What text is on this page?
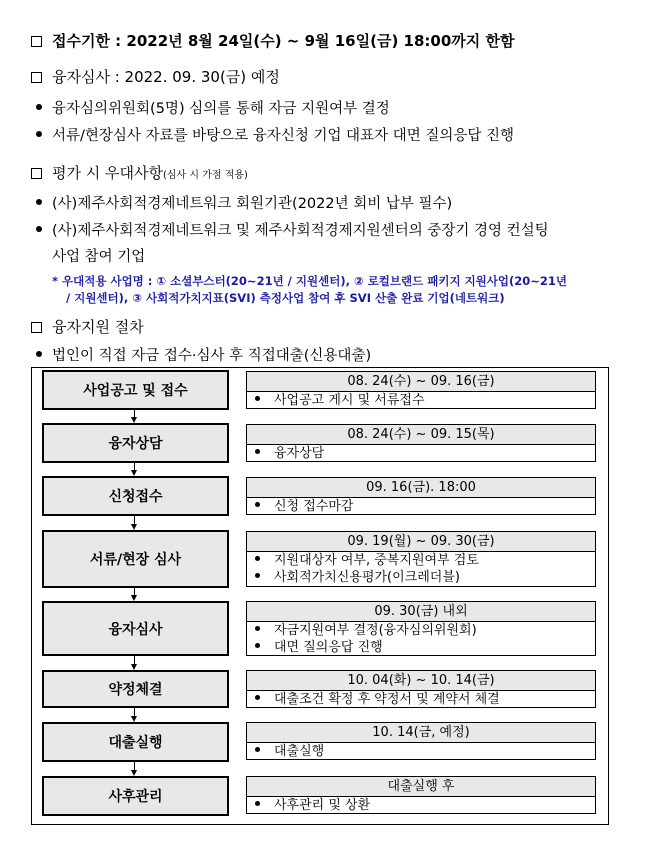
접수기한 : 2022년 8월 24일(수) ~ 9월 16일(금) 18:00까지 한함
융자심사 : 2022. 09. 30(금) 예정
융자심의위원회(5명) 심의를 통해 자금 지원여부 결정
서류/현장심사 자료를 바탕으로 융자신청 기업 대표자 대면 질의응답 진행
평가 시 우대사항(심사 시 가점 적용)
(사)제주사회적경제네트워크 회원기관(2022년 회비 납부 필수)
(사)제주사회적경제네트워크 및 제주사회적경제지원센터의 중장기 경영 컨설팅
사업 참여 기업
* 우대적용 사업명 : ① 소셜부스터(20~21년 / 지원센터), ② 로컬브랜드 패키지 지원사업(20~21년
/ 지원센터), ③ 사회적가치지표(SVI) 측정사업 참여 후 SVI 산출 완료 기업(네트워크)
융자지원 절차
법인이 직접 자금 접수·심사 후 직접대출(신용대출)
사업공고 및 접수
08. 24(수) ~ 09. 16(금)
사업공고 게시 및 서류접수
융자상담
08. 24(수) ~ 09. 15(목)
융자상담
신청접수
09. 16(금). 18:00
신청 접수마감
서류/현장 심사
09. 19(월) ~ 09. 30(금)
지원대상자 여부, 중복지원여부 검토
사회적가치신용평가(이크레더블)
융자심사
09. 30(금) 내외
자금지원여부 결정(융자심의위원회)
대면 질의응답 진행
약정체결
10. 04(화) ~ 10. 14(금)
대출조건 확정 후 약정서 및 계약서 체결
대출실행
10. 14(금, 예정)
대출실행
사후관리
대출실행 후
사후관리 및 상환
